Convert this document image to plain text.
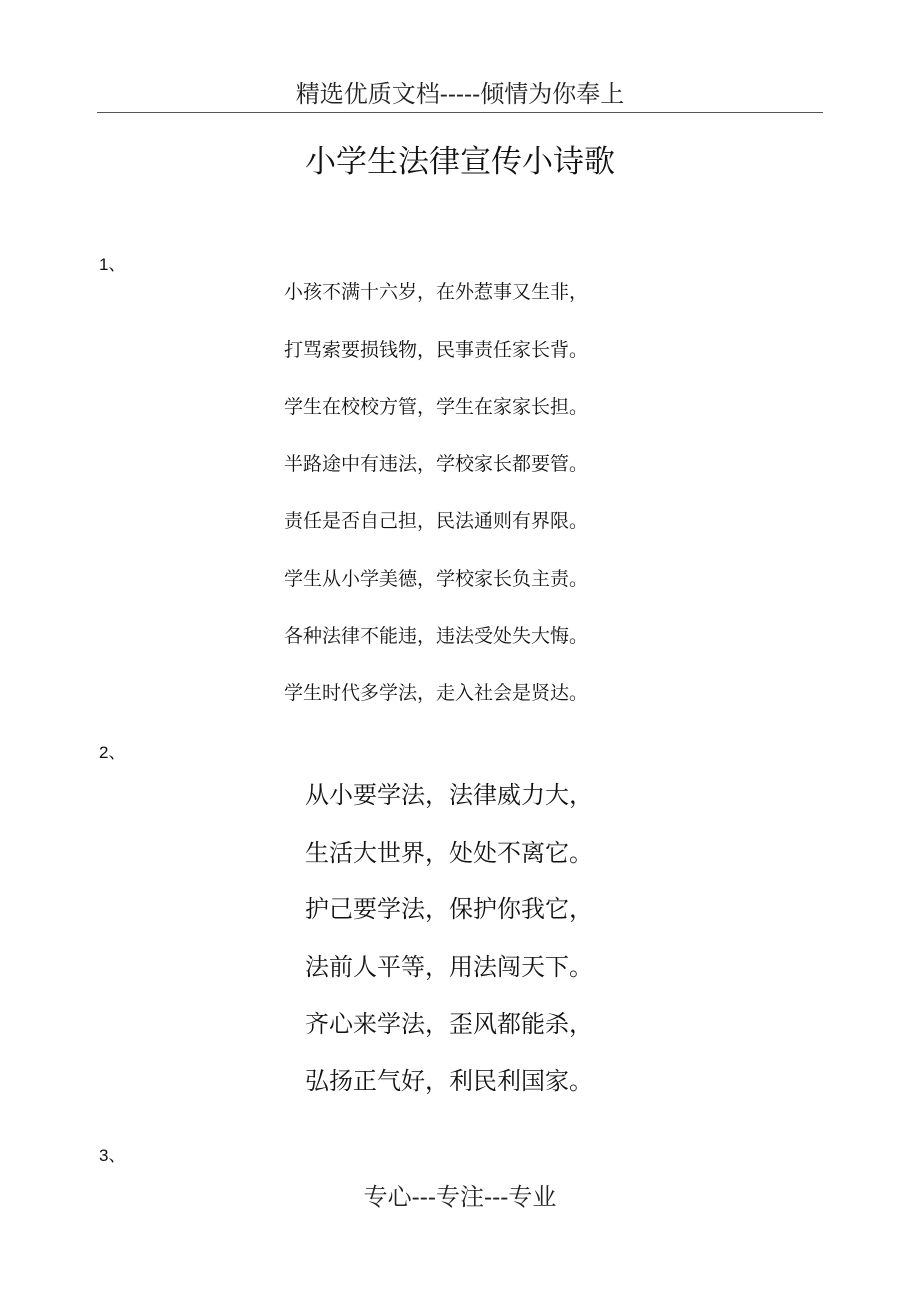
精选优质文档-----倾情为你奉上
小学生法律宣传小诗歌
1、
小孩不满十六岁，在外惹事又生非，
打骂索要损钱物，民事责任家长背。
学生在校校方管，学生在家家长担。
半路途中有违法，学校家长都要管。
责任是否自己担，民法通则有界限。
学生从小学美德，学校家长负主责。
各种法律不能违，违法受处失大悔。
学生时代多学法，走入社会是贤达。
2、
从小要学法，法律威力大，
生活大世界，处处不离它。
护己要学法，保护你我它，
法前人平等，用法闯天下。
齐心来学法，歪风都能杀，
弘扬正气好，利民利国家。
3、
专心---专注---专业
